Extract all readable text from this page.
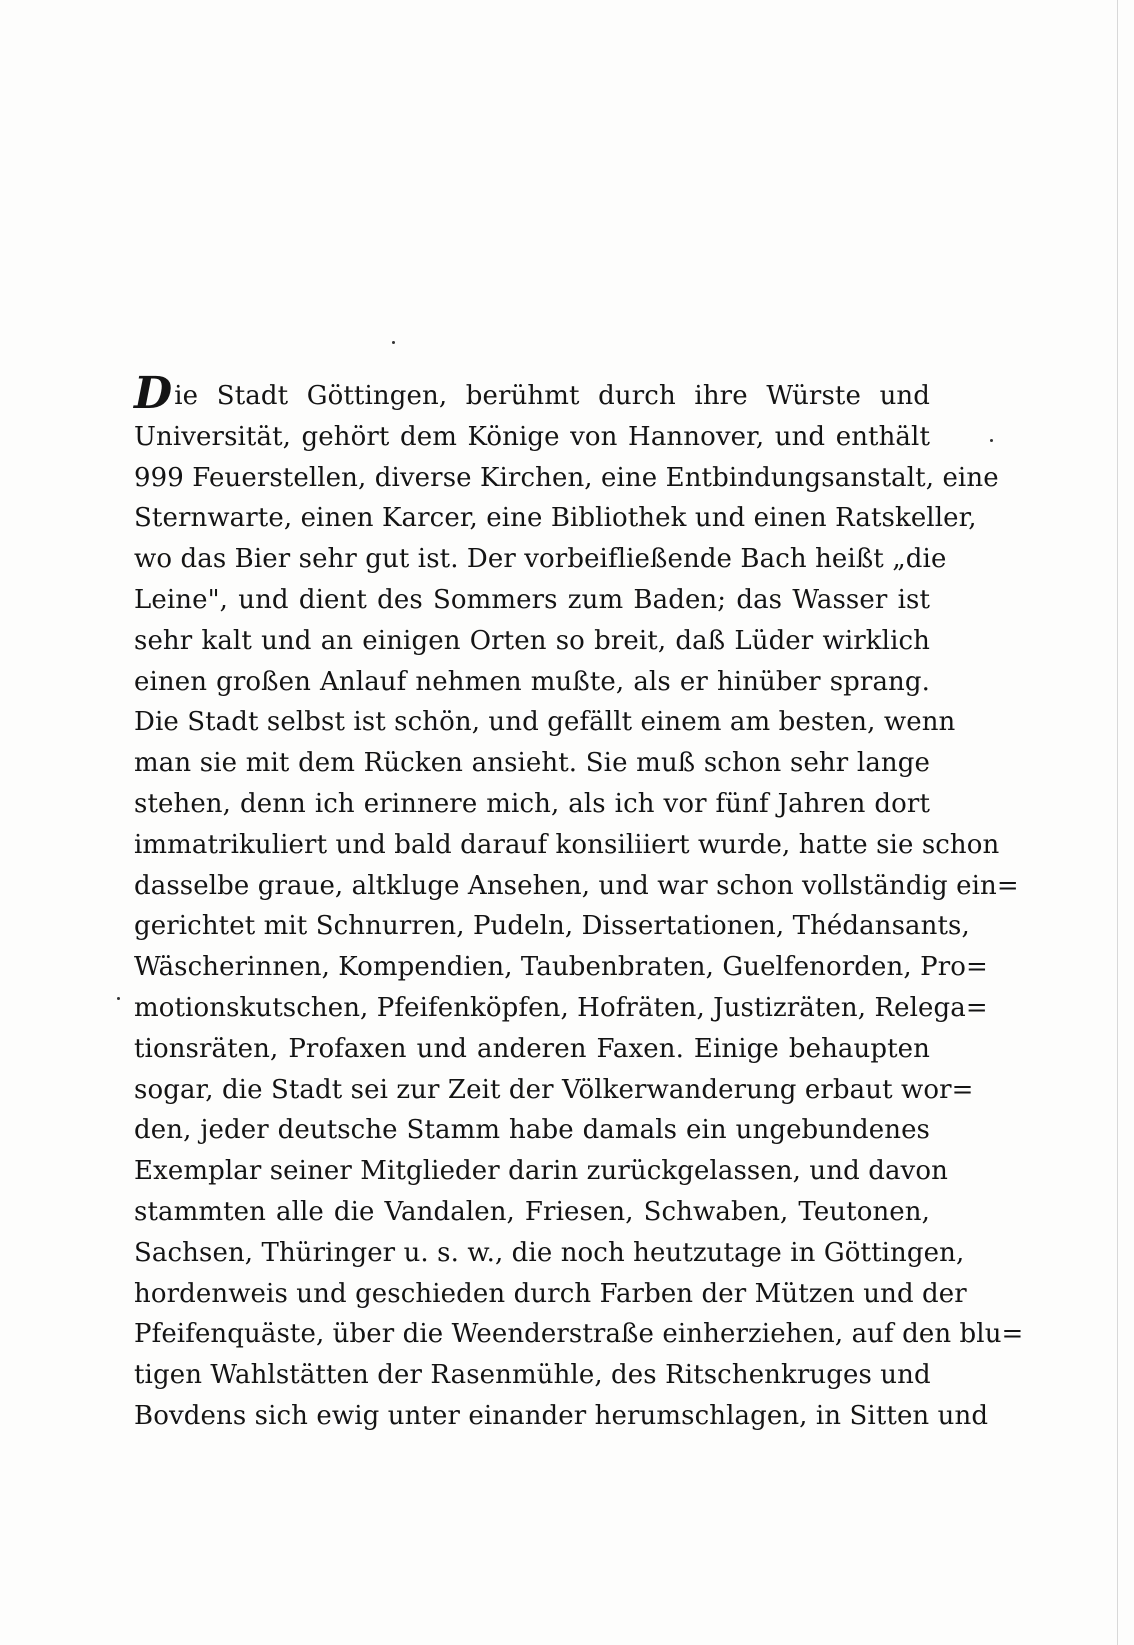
Die Stadt Göttingen, berühmt durch ihre Würste und
Universität, gehört dem Könige von Hannover, und enthält
999 Feuerstellen, diverse Kirchen, eine Entbindungsanstalt, eine
Sternwarte, einen Karcer, eine Bibliothek und einen Ratskeller,
wo das Bier sehr gut ist. Der vorbeifließende Bach heißt „die
Leine", und dient des Sommers zum Baden; das Wasser ist
sehr kalt und an einigen Orten so breit, daß Lüder wirklich
einen großen Anlauf nehmen mußte, als er hinüber sprang.
Die Stadt selbst ist schön, und gefällt einem am besten, wenn
man sie mit dem Rücken ansieht. Sie muß schon sehr lange
stehen, denn ich erinnere mich, als ich vor fünf Jahren dort
immatrikuliert und bald darauf konsiliiert wurde, hatte sie schon
dasselbe graue, altkluge Ansehen, und war schon vollständig ein=
gerichtet mit Schnurren, Pudeln, Dissertationen, Thédansants,
Wäscherinnen, Kompendien, Taubenbraten, Guelfenorden, Pro=
motionskutschen, Pfeifenköpfen, Hofräten, Justizräten, Relega=
tionsräten, Profaxen und anderen Faxen. Einige behaupten
sogar, die Stadt sei zur Zeit der Völkerwanderung erbaut wor=
den, jeder deutsche Stamm habe damals ein ungebundenes
Exemplar seiner Mitglieder darin zurückgelassen, und davon
stammten alle die Vandalen, Friesen, Schwaben, Teutonen,
Sachsen, Thüringer u. s. w., die noch heutzutage in Göttingen,
hordenweis und geschieden durch Farben der Mützen und der
Pfeifenquäste, über die Weenderstraße einherziehen, auf den blu=
tigen Wahlstätten der Rasenmühle, des Ritschenkruges und
Bovdens sich ewig unter einander herumschlagen, in Sitten und
